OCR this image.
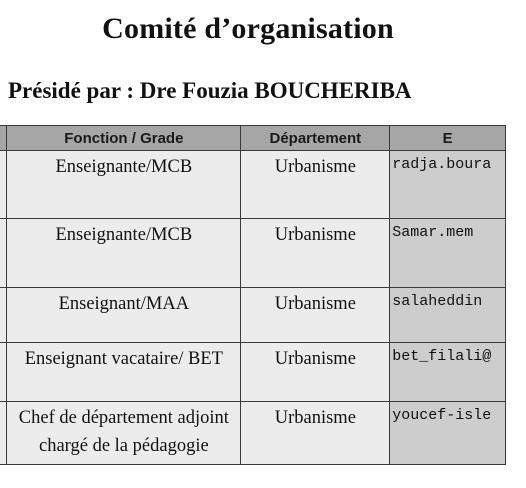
Comité d’organisation
Présidé par : Dre Fouzia BOUCHERIBA
	Fonction / Grade	Département	E
	Enseignante/MCB	Urbanisme	radja.boura
	Enseignante/MCB	Urbanisme	Samar.mem
	Enseignant/MAA	Urbanisme	salaheddin
	Enseignant vacataire/ BET	Urbanisme	bet_filali@
	Chef de département adjoint chargé de la pédagogie	Urbanisme	youcef-isle
